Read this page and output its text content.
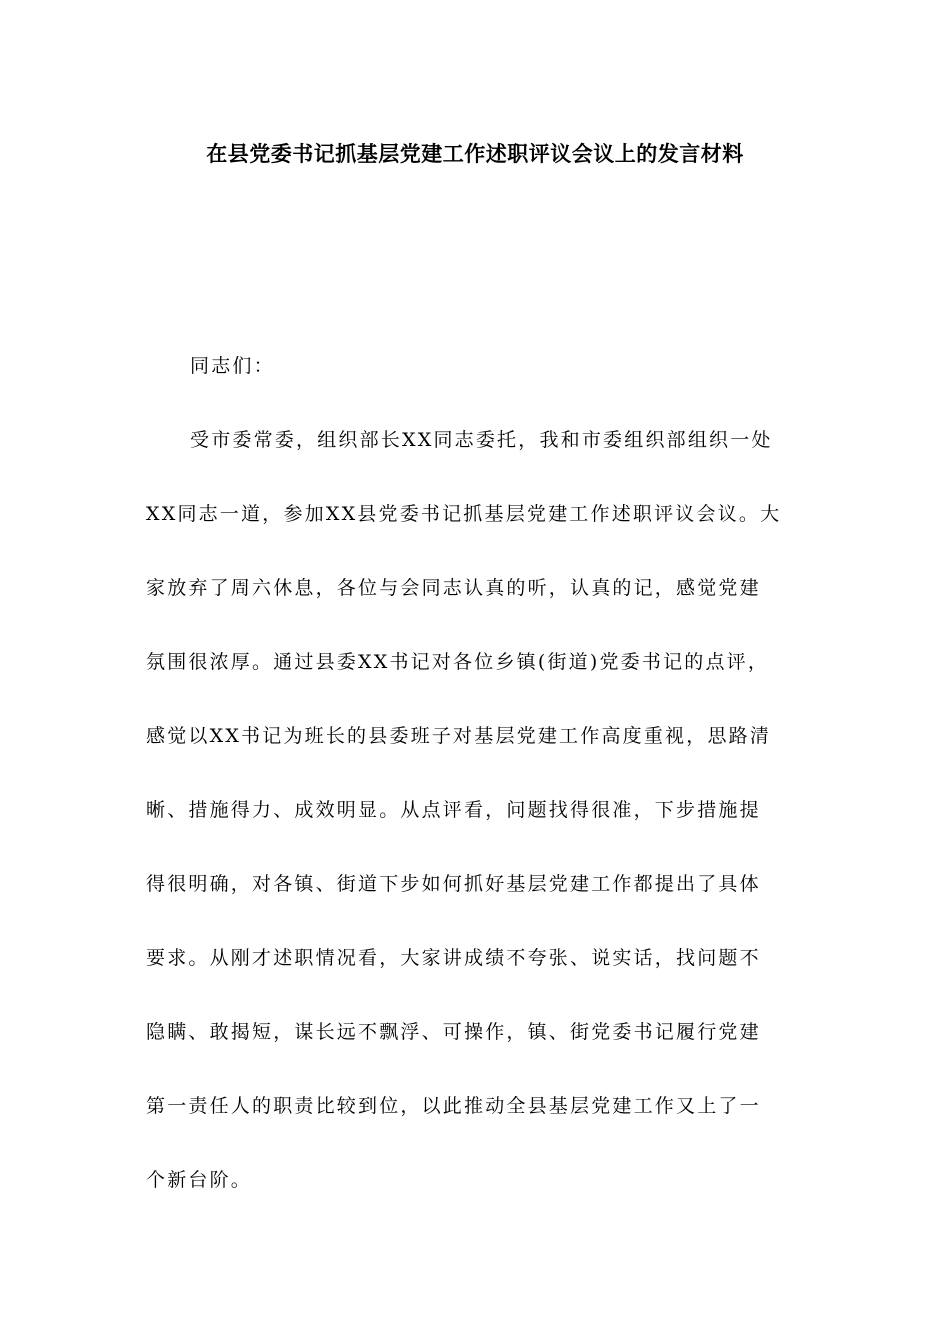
在县党委书记抓基层党建工作述职评议会议上的发言材料
同志们：
受市委常委，组织部长XX同志委托，我和市委组织部组织一处
XX同志一道，参加XX县党委书记抓基层党建工作述职评议会议。大
家放弃了周六休息，各位与会同志认真的听，认真的记，感觉党建
氛围很浓厚。通过县委XX书记对各位乡镇(街道)党委书记的点评，
感觉以XX书记为班长的县委班子对基层党建工作高度重视，思路清
晰、措施得力、成效明显。从点评看，问题找得很准，下步措施提
得很明确，对各镇、街道下步如何抓好基层党建工作都提出了具体
要求。从刚才述职情况看，大家讲成绩不夸张、说实话，找问题不
隐瞒、敢揭短，谋长远不飘浮、可操作，镇、街党委书记履行党建
第一责任人的职责比较到位，以此推动全县基层党建工作又上了一
个新台阶。
